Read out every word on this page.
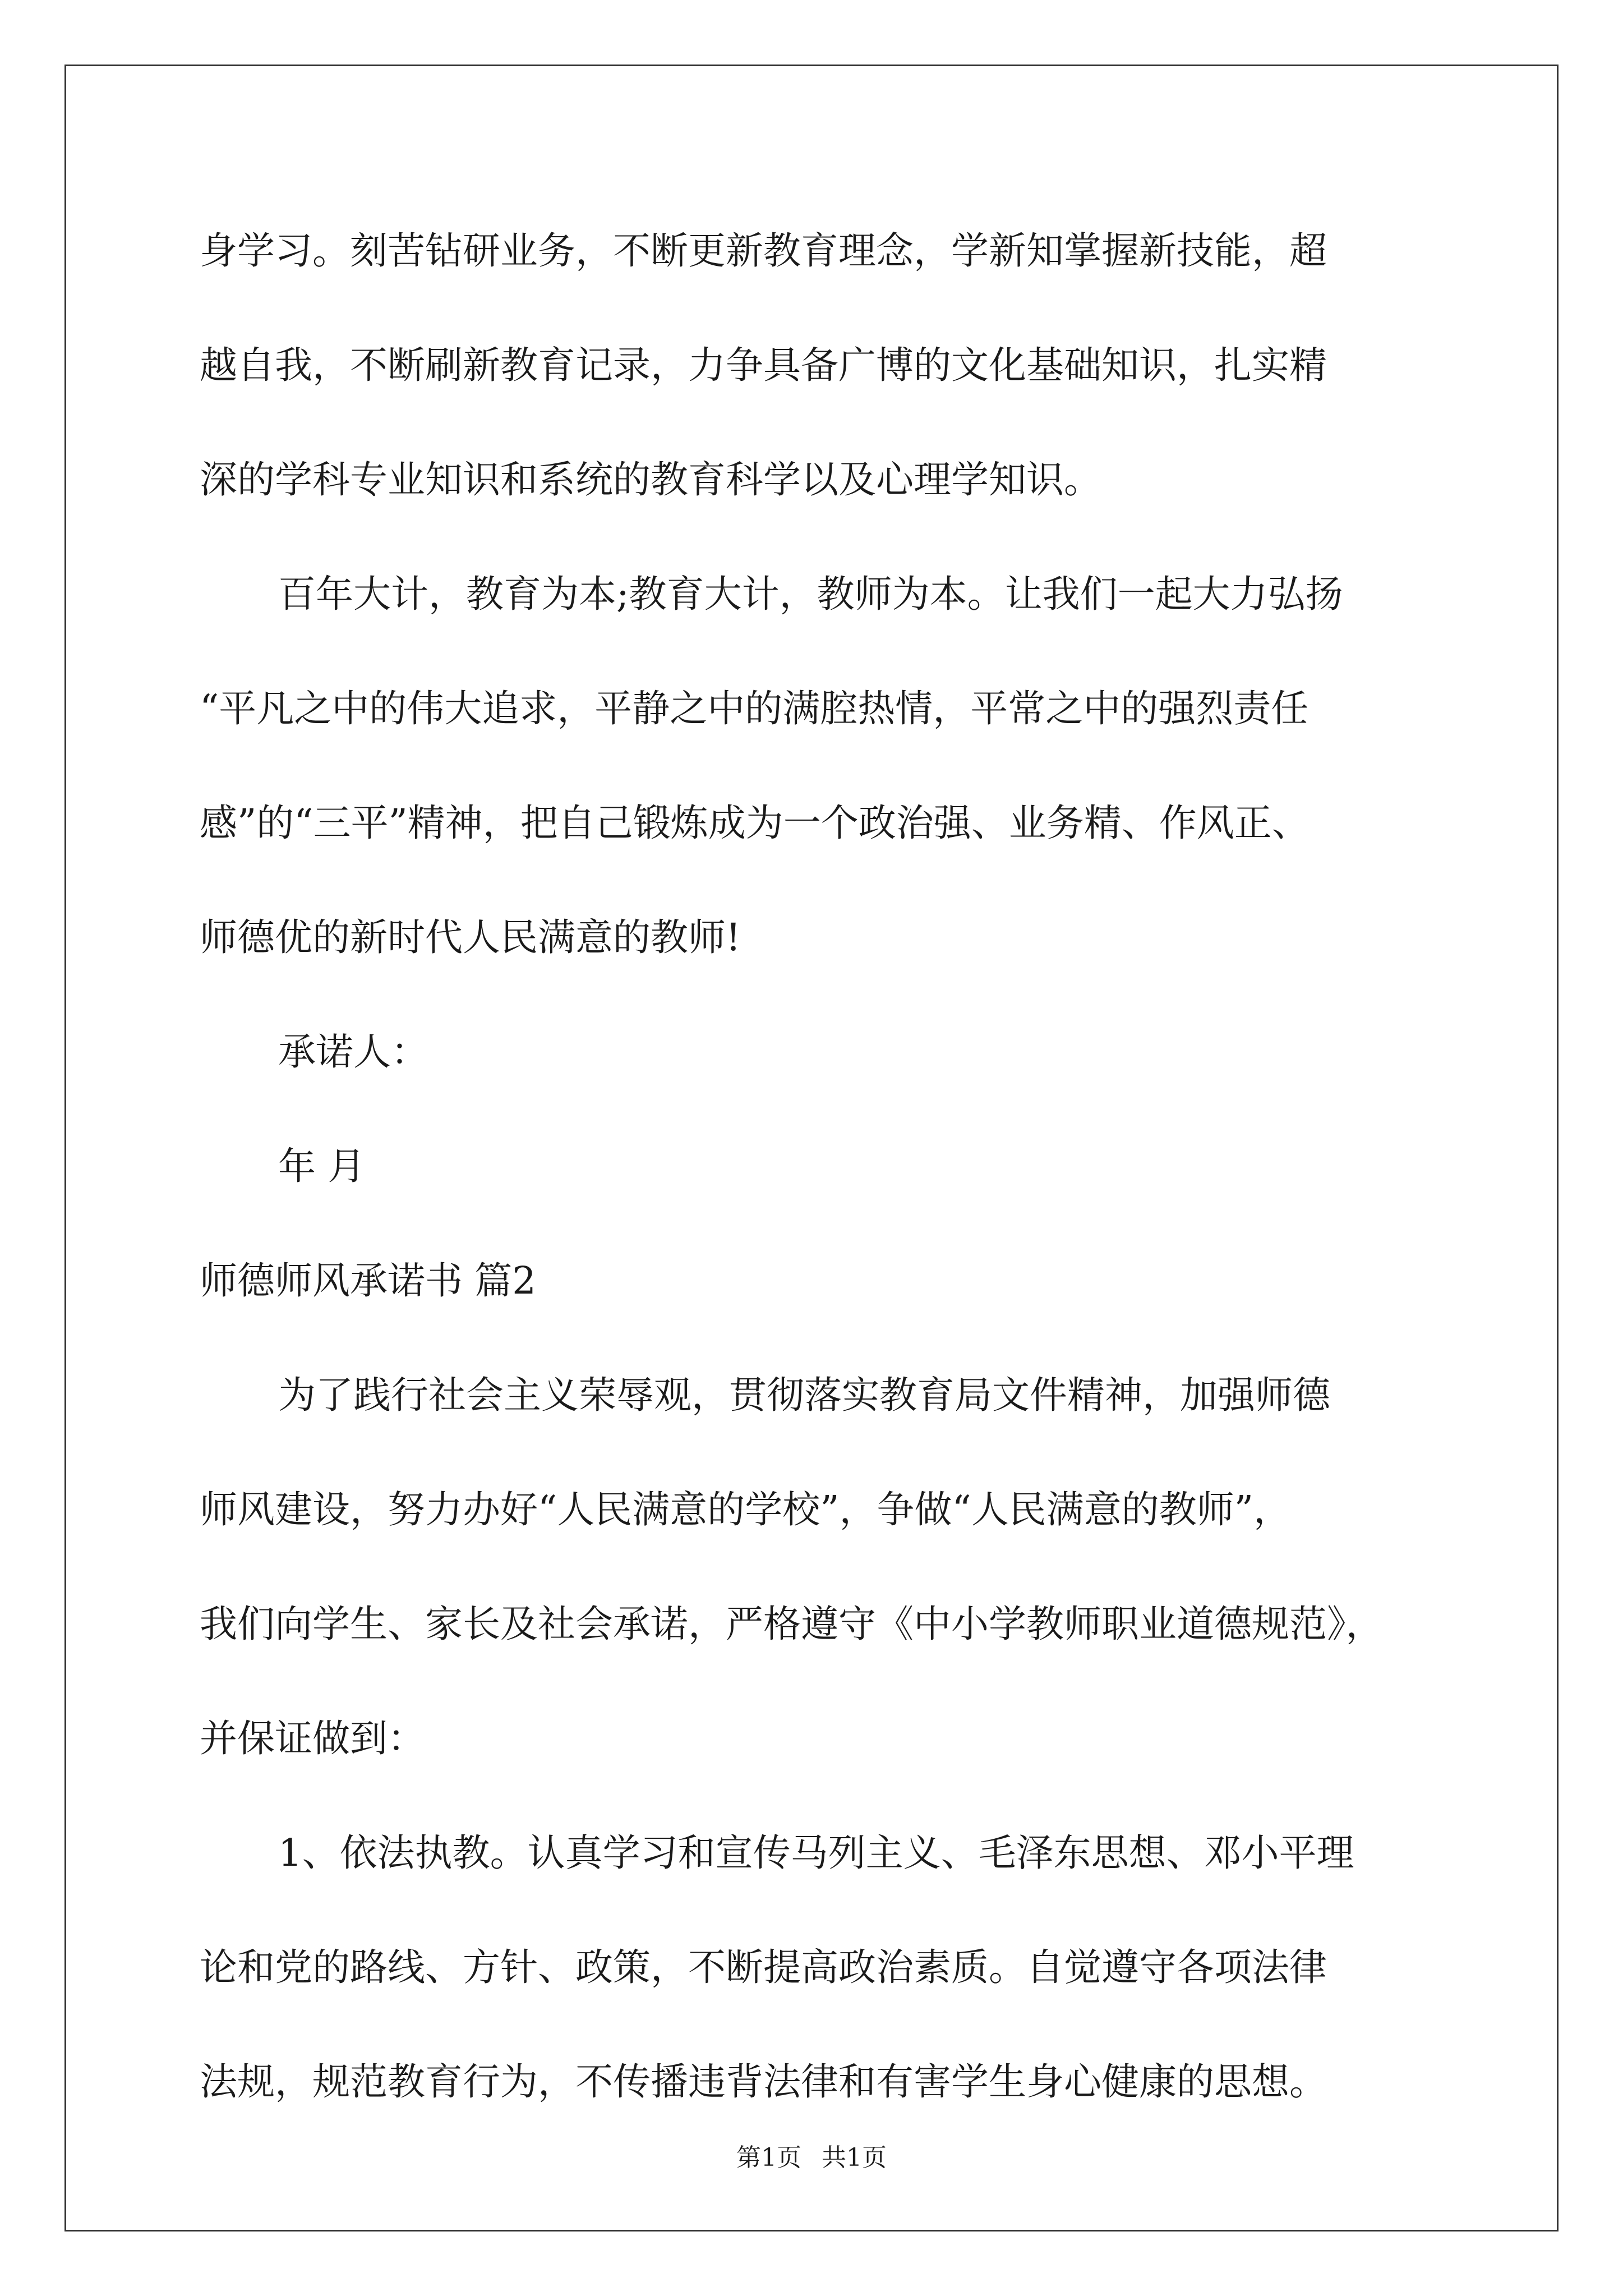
身学习。刻苦钻研业务，不断更新教育理念，学新知掌握新技能，超
越自我，不断刷新教育记录，力争具备广博的文化基础知识，扎实精
深的学科专业知识和系统的教育科学以及心理学知识。
百年大计，教育为本;教育大计，教师为本。让我们一起大力弘扬
“平凡之中的伟大追求，平静之中的满腔热情，平常之中的强烈责任
感”的“三平”精神，把自己锻炼成为一个政治强、业务精、作风正、
师德优的新时代人民满意的教师!
承诺人：
年 月
师德师风承诺书 篇2
为了践行社会主义荣辱观，贯彻落实教育局文件精神，加强师德
师风建设，努力办好“人民满意的学校”，争做“人民满意的教师”，
我们向学生、家长及社会承诺，严格遵守《中小学教师职业道德规范》，
并保证做到：
1、依法执教。认真学习和宣传马列主义、毛泽东思想、邓小平理
论和党的路线、方针、政策，不断提高政治素质。自觉遵守各项法律
法规，规范教育行为，不传播违背法律和有害学生身心健康的思想。
第1页 共1页
